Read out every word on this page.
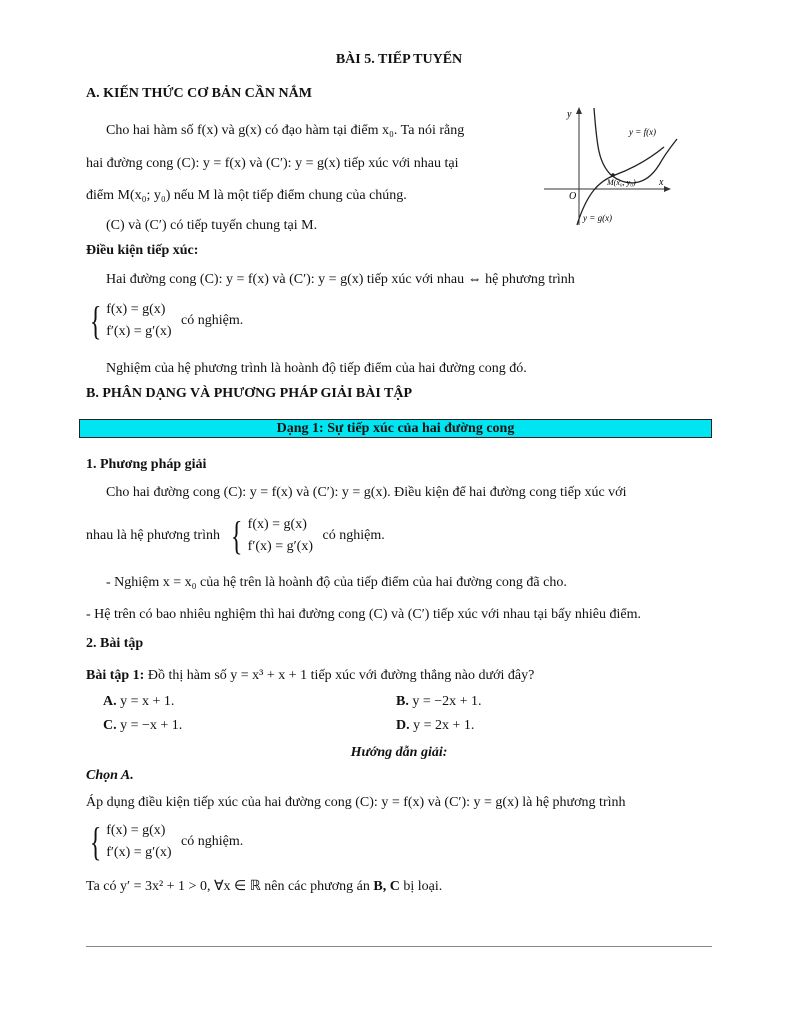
BÀI 5. TIẾP TUYẾN
A. KIẾN THỨC CƠ BẢN CẦN NẮM
Cho hai hàm số f(x) và g(x) có đạo hàm tại điểm x₀. Ta nói rằng
hai đường cong (C): y = f(x) và (C′): y = g(x) tiếp xúc với nhau tại
điểm M(x₀; y₀) nếu M là một tiếp điểm chung của chúng.
(C) và (C′) có tiếp tuyến chung tại M.
Điều kiện tiếp xúc:
Hai đường cong (C): y = f(x) và (C′): y = g(x) tiếp xúc với nhau ⇔ hệ phương trình
{ f(x) = g(x)
f′(x) = g′(x)
có nghiệm.
Nghiệm của hệ phương trình là hoành độ tiếp điểm của hai đường cong đó.
B. PHÂN DẠNG VÀ PHƯƠNG PHÁP GIẢI BÀI TẬP
Dạng 1: Sự tiếp xúc của hai đường cong
1. Phương pháp giải
Cho hai đường cong (C): y = f(x) và (C′): y = g(x). Điều kiện để hai đường cong tiếp xúc với
nhau là hệ phương trình { f(x) = g(x)
f′(x) = g′(x)
có nghiệm.
- Nghiệm x = x₀ của hệ trên là hoành độ của tiếp điểm của hai đường cong đã cho.
- Hệ trên có bao nhiêu nghiệm thì hai đường cong (C) và (C′) tiếp xúc với nhau tại bấy nhiêu điểm.
2. Bài tập
Bài tập 1: Đồ thị hàm số y = x³ + x + 1 tiếp xúc với đường thẳng nào dưới đây?
A. y = x + 1.	B. y = −2x + 1.
C. y = −x + 1.	D. y = 2x + 1.
Hướng dẫn giải:
Chọn A.
Áp dụng điều kiện tiếp xúc của hai đường cong (C): y = f(x) và (C′): y = g(x) là hệ phương trình
{ f(x) = g(x)
f′(x) = g′(x)
có nghiệm.
Ta có y′ = 3x² + 1 > 0, ∀x ∈ ℝ nên các phương án B, C bị loại.
y
x
O
y = f(x)
y = g(x)
M(x₀, y₀)
